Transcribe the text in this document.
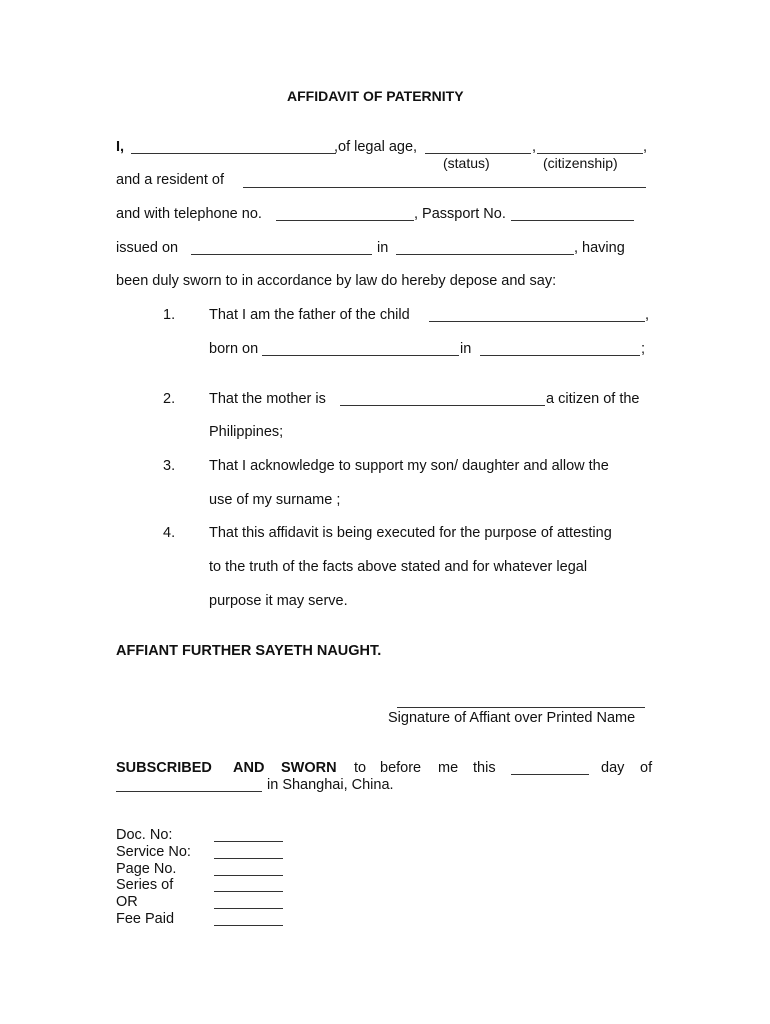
AFFIDAVIT OF PATERNITY
I,	,of legal age,	,	,
(status)	(citizenship)
and a resident of
and with telephone no.	, Passport No.
issued on	in	, having
been duly sworn to in accordance by law do hereby depose and say:
1. That I am the father of the child	,
born on	in	;
2. That the mother is	a citizen of the
Philippines;
3. That I acknowledge to support my son/ daughter and allow the
use of my surname ;
4. That this affidavit is being executed for the purpose of attesting
to the truth of the facts above stated and for whatever legal
purpose it may serve.
AFFIANT FURTHER SAYETH NAUGHT.
Signature of Affiant over Printed Name
SUBSCRIBED AND SWORN to before me this	day of
in Shanghai, China.
Doc. No:
Service No:
Page No.
Series of
OR
Fee Paid
